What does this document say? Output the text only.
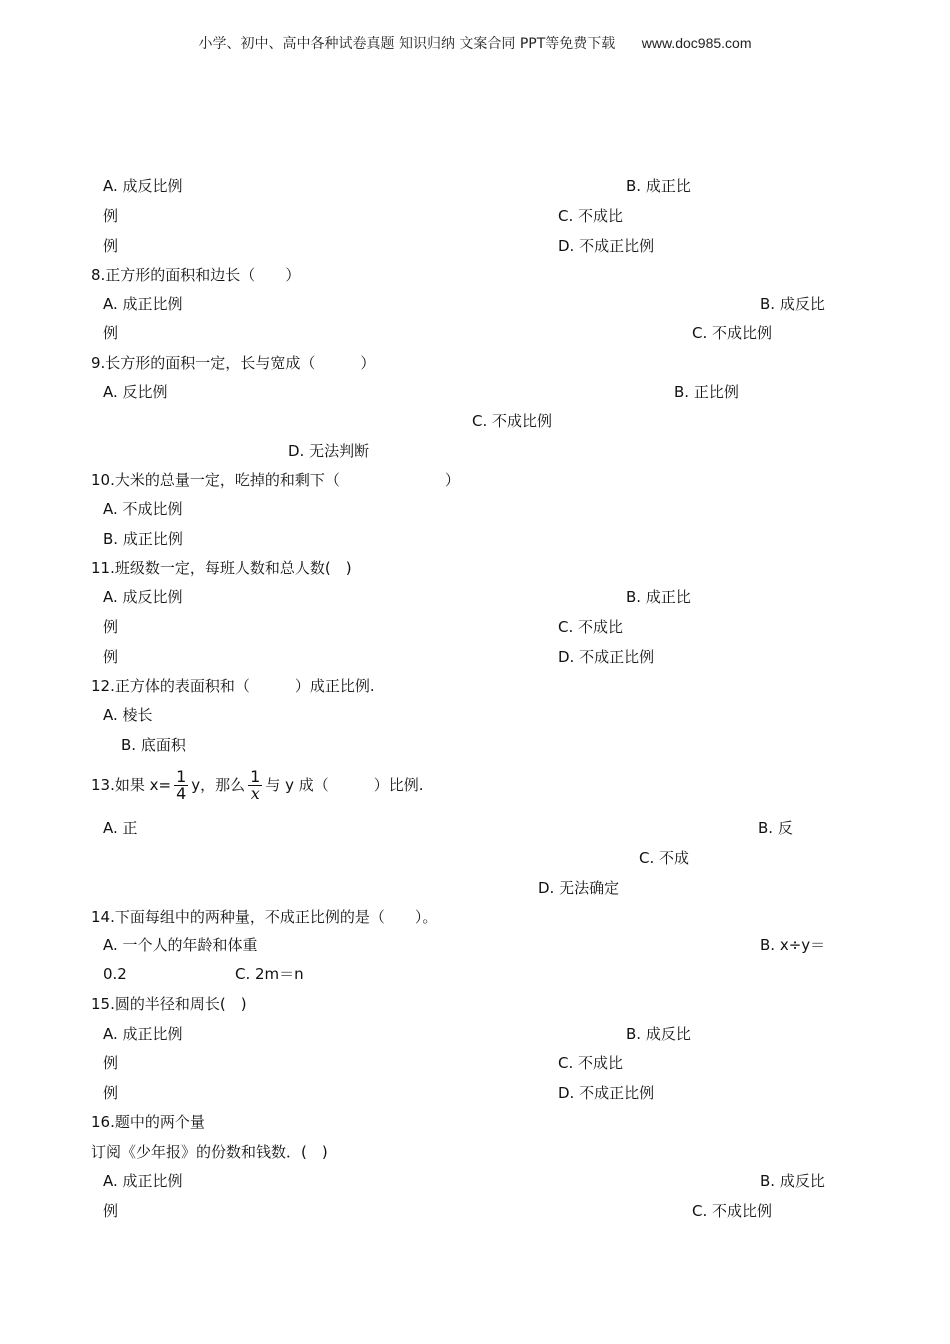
小学、初中、高中各种试卷真题 知识归纳 文案合同 PPT等免费下载 www.doc985.com
A. 成反比例	B. 成正比
例	C. 不成比
例	D. 不成正比例
8.正方形的面积和边长（　　）
A. 成正比例	B. 成反比
例	C. 不成比例
9.长方形的面积一定，长与宽成（　　　）
A. 反比例	B. 正比例
C. 不成比例
D. 无法判断
10.大米的总量一定，吃掉的和剩下（　　　　　　　）
A. 不成比例
B. 成正比例
11.班级数一定，每班人数和总人数(　)
A. 成反比例	B. 成正比
例	C. 不成比
例	D. 不成正比例
12.正方体的表面积和（　　　）成正比例.
A. 棱长
B. 底面积
13.如果 $x= \frac{1}{4}$ y，那么 $\frac{1}{x}$ 与 y 成（　　　）比例.
A. 正	B. 反
C. 不成
D. 无法确定
14.下面每组中的两种量，不成正比例的是（　　）。
A. 一个人的年龄和体重	B. x÷y＝
0.2	C. 2m＝n
15.圆的半径和周长(　)
A. 成正比例	B. 成反比
例	C. 不成比
例	D. 不成正比例
16.题中的两个量
订阅《少年报》的份数和钱数．(　)
A. 成正比例	B. 成反比
例	C. 不成比例
